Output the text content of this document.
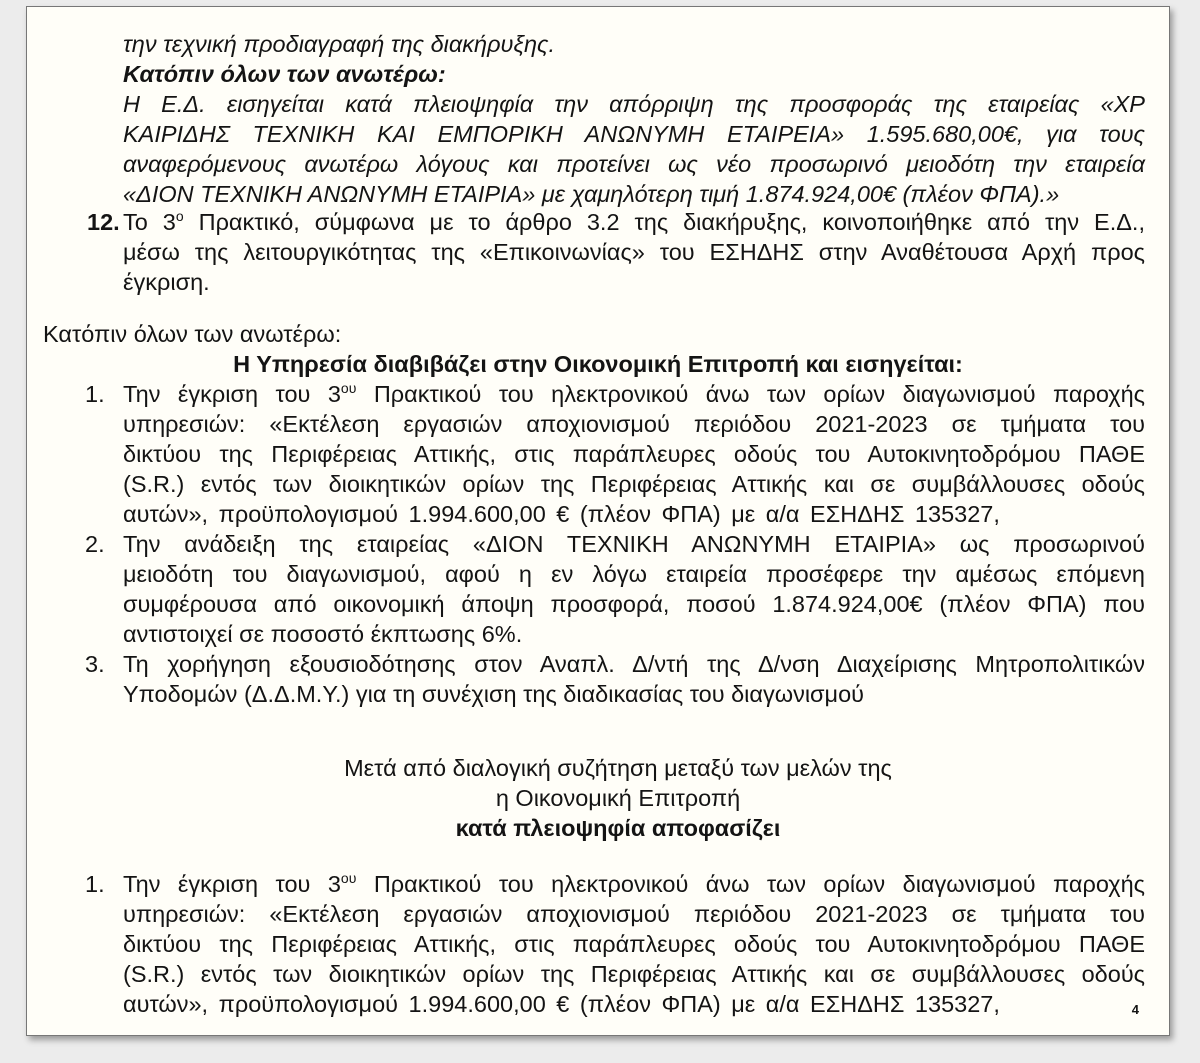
την τεχνική προδιαγραφή της διακήρυξης.
Κατόπιν όλων των ανωτέρω:
Η Ε.Δ. εισηγείται κατά πλειοψηφία την απόρριψη της προσφοράς της εταιρείας «ΧΡ
ΚΑΙΡΙΔΗΣ ΤΕΧΝΙΚΗ ΚΑΙ ΕΜΠΟΡΙΚΗ ΑΝΩΝΥΜΗ ΕΤΑΙΡΕΙΑ» 1.595.680,00€, για τους
αναφερόμενους ανωτέρω λόγους και προτείνει ως νέο προσωρινό μειοδότη την εταιρεία
«ΔΙΟΝ ΤΕΧΝΙΚΗ ΑΝΩΝΥΜΗ ΕΤΑΙΡΙΑ» με χαμηλότερη τιμή 1.874.924,00€ (πλέον ΦΠΑ).»
12. Το $3^o$ Πρακτικό, σύμφωνα με το άρθρο 3.2 της διακήρυξης, κοινοποιήθηκε από την Ε.Δ.,
μέσω της λειτουργικότητας της «Επικοινωνίας» του ΕΣΗΔΗΣ στην Αναθέτουσα Αρχή προς
έγκριση.
Κατόπιν όλων των ανωτέρω:
Η Υπηρεσία διαβιβάζει στην Οικονομική Επιτροπή και εισηγείται:
1. Την έγκριση του $3^{o\upsilon}$ Πρακτικού του ηλεκτρονικού άνω των ορίων διαγωνισμού παροχής
υπηρεσιών: «Εκτέλεση εργασιών αποχιονισμού περιόδου 2021-2023 σε τμήματα του
δικτύου της Περιφέρειας Αττικής, στις παράπλευρες οδούς του Αυτοκινητοδρόμου ΠΑΘΕ
(S.R.) εντός των διοικητικών ορίων της Περιφέρειας Αττικής και σε συμβάλλουσες οδούς
αυτών», προϋπολογισμού 1.994.600,00 € (πλέον ΦΠΑ) με α/α ΕΣΗΔΗΣ 135327,
2. Την ανάδειξη της εταιρείας «ΔΙΟΝ ΤΕΧΝΙΚΗ ΑΝΩΝΥΜΗ ΕΤΑΙΡΙΑ» ως προσωρινού
μειοδότη του διαγωνισμού, αφού η εν λόγω εταιρεία προσέφερε την αμέσως επόμενη
συμφέρουσα από οικονομική άποψη προσφορά, ποσού 1.874.924,00€ (πλέον ΦΠΑ) που
αντιστοιχεί σε ποσοστό έκπτωσης 6%.
3. Τη χορήγηση εξουσιοδότησης στον Αναπλ. Δ/ντή της Δ/νση Διαχείρισης Μητροπολιτικών
Υποδομών (Δ.Δ.Μ.Υ.) για τη συνέχιση της διαδικασίας του διαγωνισμού
Μετά από διαλογική συζήτηση μεταξύ των μελών της
η Οικονομική Επιτροπή
κατά πλειοψηφία αποφασίζει
1. Την έγκριση του $3^{o\upsilon}$ Πρακτικού του ηλεκτρονικού άνω των ορίων διαγωνισμού παροχής
υπηρεσιών: «Εκτέλεση εργασιών αποχιονισμού περιόδου 2021-2023 σε τμήματα του
δικτύου της Περιφέρειας Αττικής, στις παράπλευρες οδούς του Αυτοκινητοδρόμου ΠΑΘΕ
(S.R.) εντός των διοικητικών ορίων της Περιφέρειας Αττικής και σε συμβάλλουσες οδούς
αυτών», προϋπολογισμού 1.994.600,00 € (πλέον ΦΠΑ) με α/α ΕΣΗΔΗΣ 135327,	4
